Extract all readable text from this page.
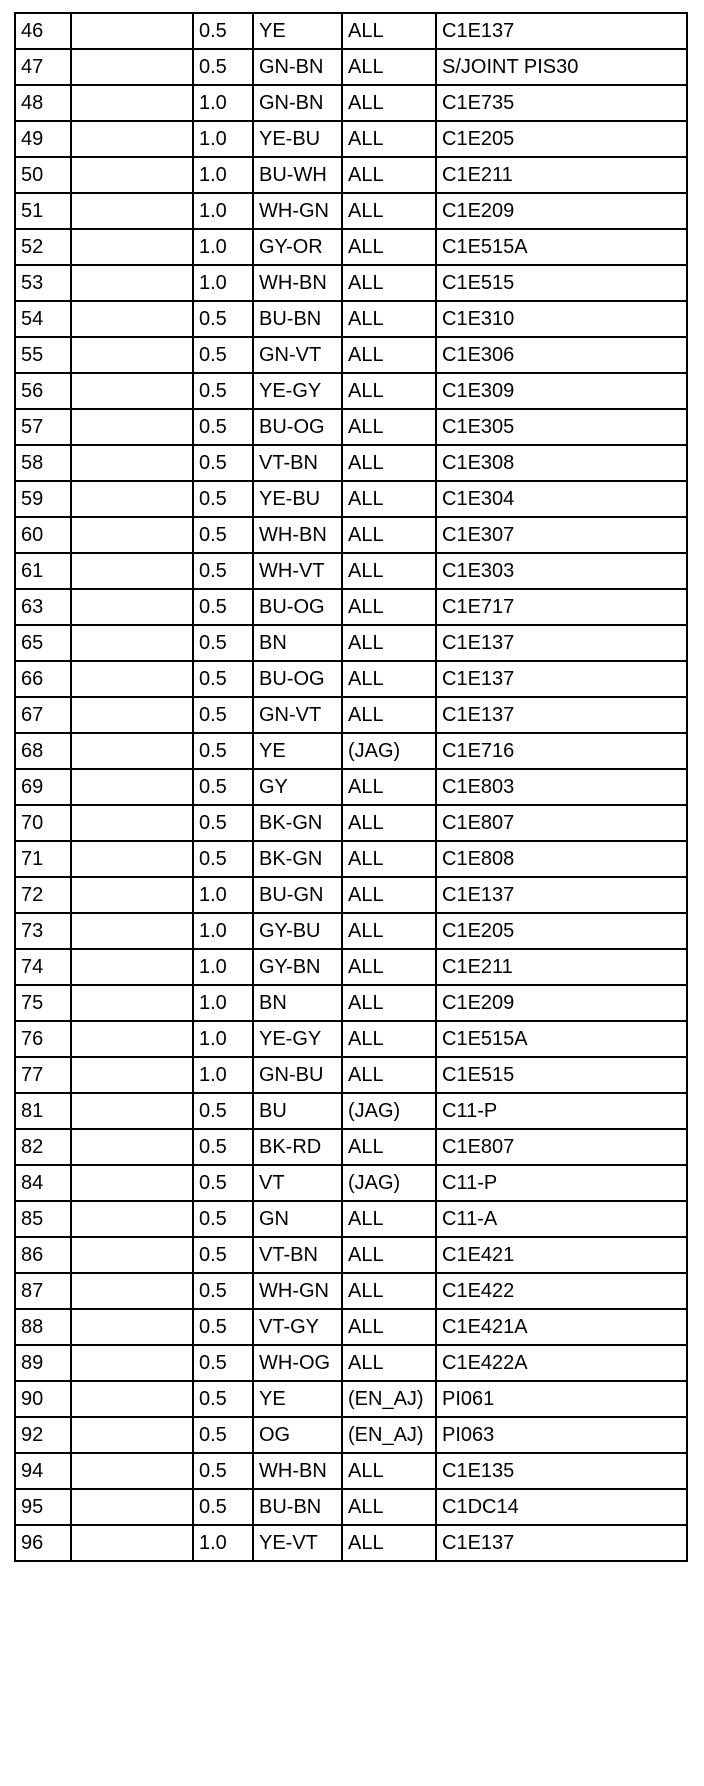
46		0.5	YE	ALL	C1E137
47		0.5	GN-BN	ALL	S/JOINT PIS30
48		1.0	GN-BN	ALL	C1E735
49		1.0	YE-BU	ALL	C1E205
50		1.0	BU-WH	ALL	C1E211
51		1.0	WH-GN	ALL	C1E209
52		1.0	GY-OR	ALL	C1E515A
53		1.0	WH-BN	ALL	C1E515
54		0.5	BU-BN	ALL	C1E310
55		0.5	GN-VT	ALL	C1E306
56		0.5	YE-GY	ALL	C1E309
57		0.5	BU-OG	ALL	C1E305
58		0.5	VT-BN	ALL	C1E308
59		0.5	YE-BU	ALL	C1E304
60		0.5	WH-BN	ALL	C1E307
61		0.5	WH-VT	ALL	C1E303
63		0.5	BU-OG	ALL	C1E717
65		0.5	BN	ALL	C1E137
66		0.5	BU-OG	ALL	C1E137
67		0.5	GN-VT	ALL	C1E137
68		0.5	YE	(JAG)	C1E716
69		0.5	GY	ALL	C1E803
70		0.5	BK-GN	ALL	C1E807
71		0.5	BK-GN	ALL	C1E808
72		1.0	BU-GN	ALL	C1E137
73		1.0	GY-BU	ALL	C1E205
74		1.0	GY-BN	ALL	C1E211
75		1.0	BN	ALL	C1E209
76		1.0	YE-GY	ALL	C1E515A
77		1.0	GN-BU	ALL	C1E515
81		0.5	BU	(JAG)	C11-P
82		0.5	BK-RD	ALL	C1E807
84		0.5	VT	(JAG)	C11-P
85		0.5	GN	ALL	C11-A
86		0.5	VT-BN	ALL	C1E421
87		0.5	WH-GN	ALL	C1E422
88		0.5	VT-GY	ALL	C1E421A
89		0.5	WH-OG	ALL	C1E422A
90		0.5	YE	(EN_AJ)	PI061
92		0.5	OG	(EN_AJ)	PI063
94		0.5	WH-BN	ALL	C1E135
95		0.5	BU-BN	ALL	C1DC14
96		1.0	YE-VT	ALL	C1E137
